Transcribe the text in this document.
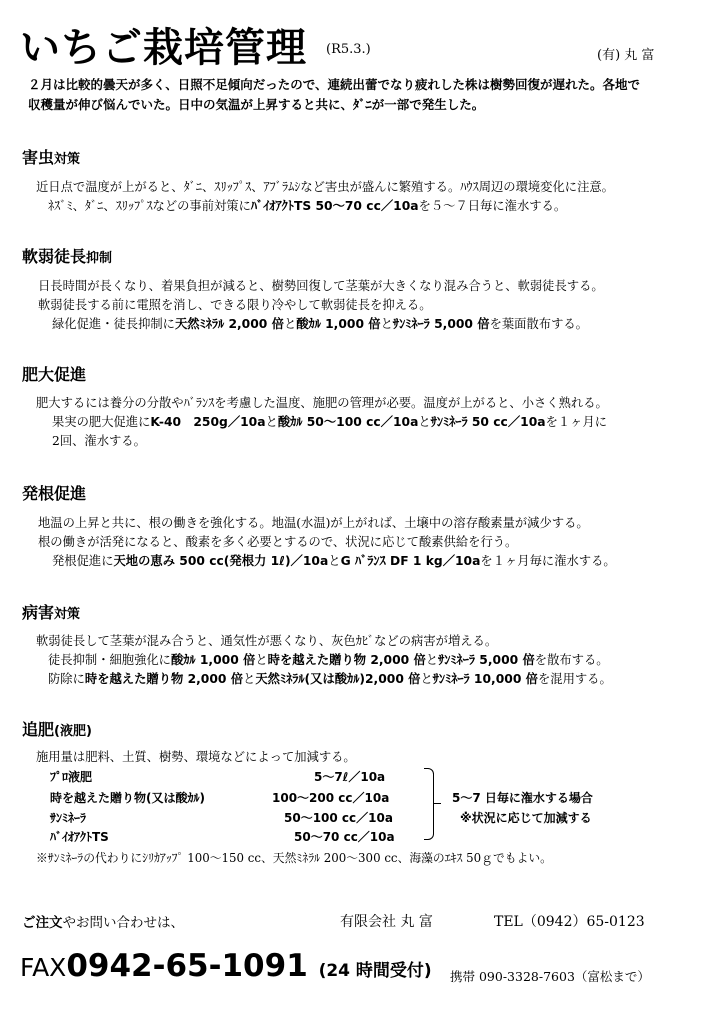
いちご栽培管理 (R5.3.)	(有) 丸 富
２月は比較的曇天が多く、日照不足傾向だったので、連続出蕾でなり疲れした株は樹勢回復が遅れた。各地で
収穫量が伸び悩んでいた。日中の気温が上昇すると共に、ﾀﾞﾆが一部で発生した。
害虫対策
近日点で温度が上がると、ﾀﾞﾆ、ｽﾘｯﾌﾟｽ、ｱﾌﾞﾗﾑｼなど害虫が盛んに繁殖する。ﾊｳｽ周辺の環境変化に注意。
ﾈｽﾞﾐ、ﾀﾞﾆ、ｽﾘｯﾌﾟｽなどの事前対策にﾊﾞｲｵｱｸﾄTS 50～70 cc／10aを５～７日毎に潅水する。
軟弱徒長抑制
日長時間が長くなり、着果負担が減ると、樹勢回復して茎葉が大きくなり混み合うと、軟弱徒長する。
軟弱徒長する前に電照を消し、できる限り冷やして軟弱徒長を抑える。
緑化促進・徒長抑制に天然ﾐﾈﾗﾙ 2,000 倍と酸ｶﾙ 1,000 倍とｻﾝﾐﾈｰﾗ 5,000 倍を葉面散布する。
肥大促進
肥大するには養分の分散やﾊﾞﾗﾝｽを考慮した温度、施肥の管理が必要。温度が上がると、小さく熟れる。
果実の肥大促進にK-40　250g／10aと酸ｶﾙ 50～100 cc／10aとｻﾝﾐﾈｰﾗ 50 cc／10aを１ヶ月に
2回、潅水する。
発根促進
地温の上昇と共に、根の働きを強化する。地温(水温)が上がれば、土壌中の溶存酸素量が減少する。
根の働きが活発になると、酸素を多く必要とするので、状況に応じて酸素供給を行う。
発根促進に天地の恵み 500 cc(発根力 1ℓ)／10aとG ﾊﾞﾗﾝｽ DF 1 kg／10aを１ヶ月毎に潅水する。
病害対策
軟弱徒長して茎葉が混み合うと、通気性が悪くなり、灰色ｶﾋﾞなどの病害が増える。
徒長抑制・細胞強化に酸ｶﾙ 1,000 倍と時を越えた贈り物 2,000 倍とｻﾝﾐﾈｰﾗ 5,000 倍を散布する。
防除に時を越えた贈り物 2,000 倍と天然ﾐﾈﾗﾙ(又は酸ｶﾙ)2,000 倍とｻﾝﾐﾈｰﾗ 10,000 倍を混用する。
追肥(液肥)
施用量は肥料、土質、樹勢、環境などによって加減する。
ﾌﾟﾛ液肥	5～7ℓ／10a
時を越えた贈り物(又は酸ｶﾙ)	100～200 cc／10a
ｻﾝﾐﾈｰﾗ	50～100 cc／10a
ﾊﾞｲｵｱｸﾄTS	50～70 cc／10a
5～7 日毎に潅水する場合
※状況に応じて加減する
※ｻﾝﾐﾈｰﾗの代わりにｼﾘｶｱｯﾌﾟ 100～150 cc、天然ﾐﾈﾗﾙ 200～300 cc、海藻のｴｷｽ 50ｇでもよい。
ご注文やお問い合わせは、	有限会社 丸 富	TEL（0942）65-0123
FAX0942-65-1091 (24 時間受付) 携帯 090-3328-7603（富松まで）
